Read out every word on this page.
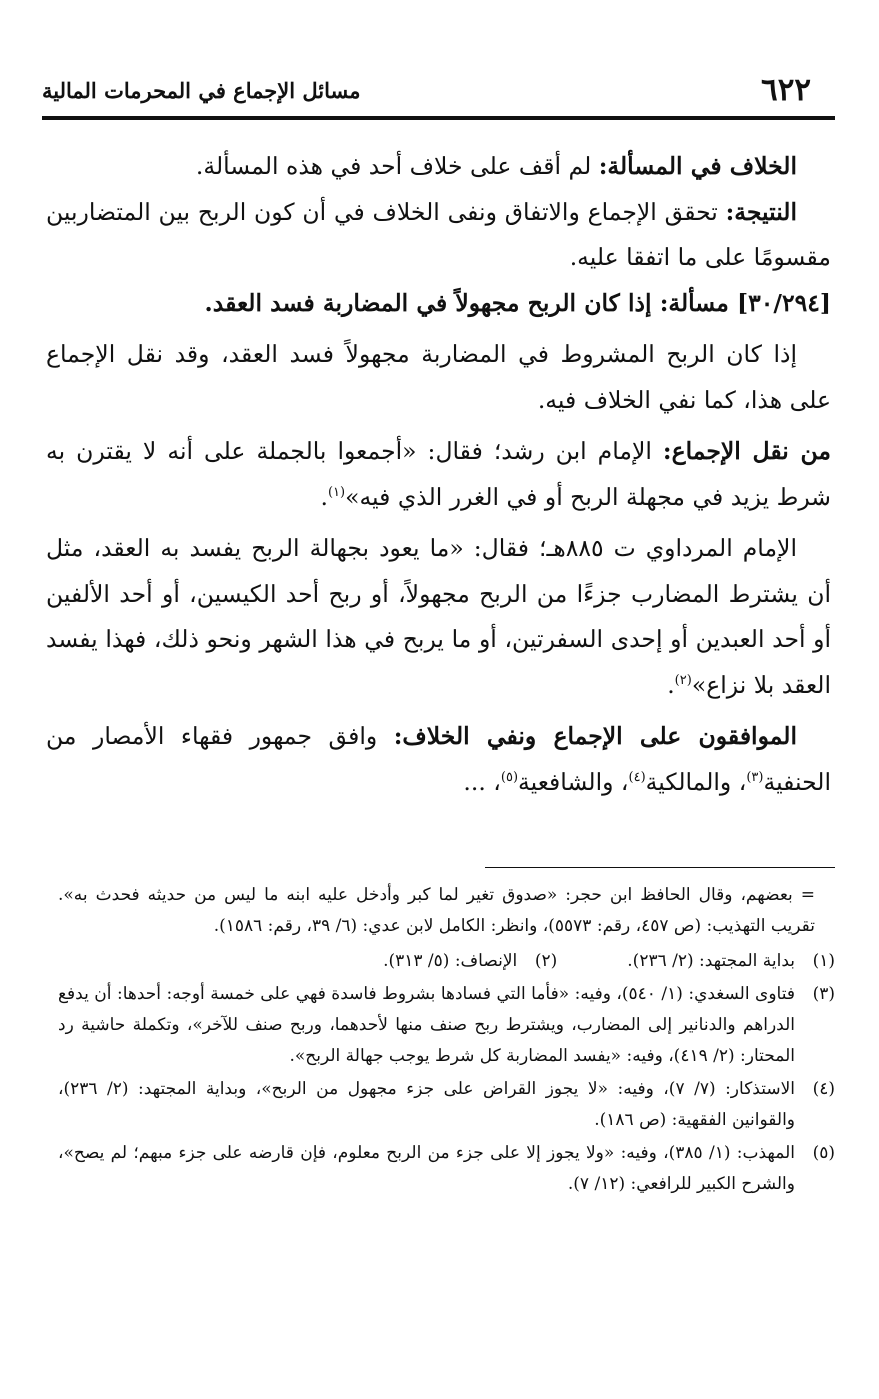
٦٢٢
مسائل الإجماع في المحرمات المالية

الخلاف في المسألة: لم أقف على خلاف أحد في هذه المسألة.

النتيجة: تحقق الإجماع والاتفاق ونفى الخلاف في أن كون الربح بين المتضاربين مقسومًا على ما اتفقا عليه.

[٣٠/٢٩٤] مسألة: إذا كان الربح مجهولاً في المضاربة فسد العقد.

إذا كان الربح المشروط في المضاربة مجهولاً فسد العقد، وقد نقل الإجماع على هذا، كما نفي الخلاف فيه.

من نقل الإجماع: الإمام ابن رشد؛ فقال: «أجمعوا بالجملة على أنه لا يقترن به شرط يزيد في مجهلة الربح أو في الغرر الذي فيه»$^{(١)}$.

الإمام المرداوي ت ٨٨٥هـ؛ فقال: «ما يعود بجهالة الربح يفسد به العقد، مثل أن يشترط المضارب جزءًا من الربح مجهولاً، أو ربح أحد الكيسين، أو أحد الألفين أو أحد العبدين أو إحدى السفرتين، أو ما يربح في هذا الشهر ونحو ذلك، فهذا يفسد العقد بلا نزاع»$^{(٢)}$.

الموافقون على الإجماع ونفي الخلاف: وافق جمهور فقهاء الأمصار من الحنفية$^{(٣)}$، والمالكية$^{(٤)}$، والشافعية$^{(٥)}$، ...

= بعضهم، وقال الحافظ ابن حجر: «صدوق تغير لما كبر وأدخل عليه ابنه ما ليس من حديثه فحدث به». تقريب التهذيب: (ص ٤٥٧، رقم: ٥٥٧٣)، وانظر: الكامل لابن عدي: (٦/ ٣٩، رقم: ١٥٨٦).

(١)
بداية المجتهد: (٢/ ٢٣٦).

(٢)
الإنصاف: (٥/ ٣١٣).

(٣)
فتاوى السغدي: (١/ ٥٤٠)، وفيه: «فأما التي فسادها بشروط فاسدة فهي على خمسة أوجه: أحدها: أن يدفع الدراهم والدنانير إلى المضارب، ويشترط ربح صنف منها لأحدهما، وربح صنف للآخر»، وتكملة حاشية رد المحتار: (٢/ ٤١٩)، وفيه: «يفسد المضاربة كل شرط يوجب جهالة الربح».

(٤)
الاستذكار: (٧/ ٧)، وفيه: «لا يجوز القراض على جزء مجهول من الربح»، وبداية المجتهد: (٢/ ٢٣٦)، والقوانين الفقهية: (ص ١٨٦).

(٥)
المهذب: (١/ ٣٨٥)، وفيه: «ولا يجوز إلا على جزء من الربح معلوم، فإن قارضه على جزء مبهم؛ لم يصح»، والشرح الكبير للرافعي: (١٢/ ٧).
